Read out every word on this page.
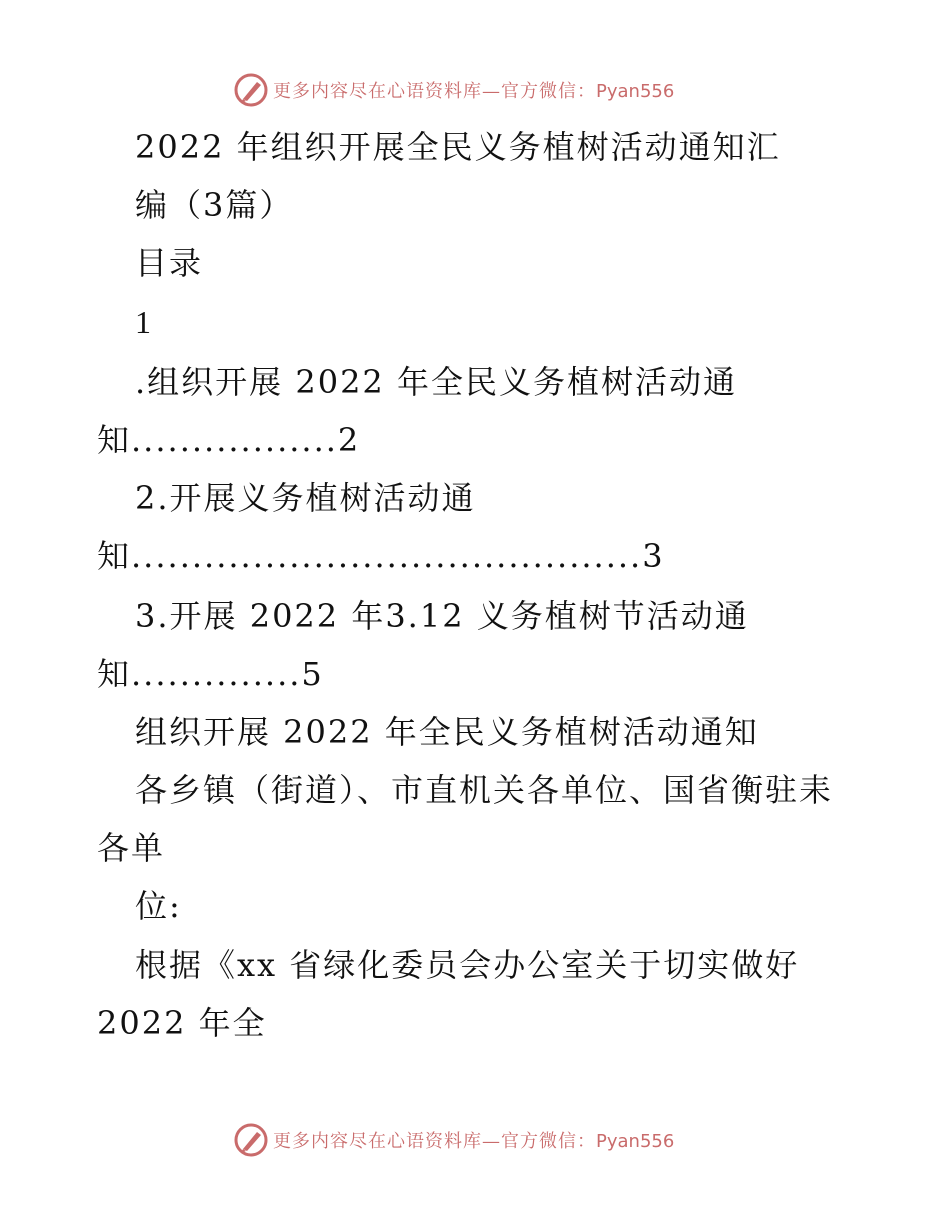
更多内容尽在心语资料库—官方微信：Pyan556
2022 年组织开展全民义务植树活动通知汇
编（3篇）
目录
1
.组织开展 2022 年全民义务植树活动通
知.................2
2.开展义务植树活动通
知..........................................3
3.开展 2022 年3.12 义务植树节活动通
知..............5
组织开展 2022 年全民义务植树活动通知
各乡镇（街道）、市直机关各单位、国省衡驻耒
各单
位:
根据《xx 省绿化委员会办公室关于切实做好
2022 年全
更多内容尽在心语资料库—官方微信：Pyan556
